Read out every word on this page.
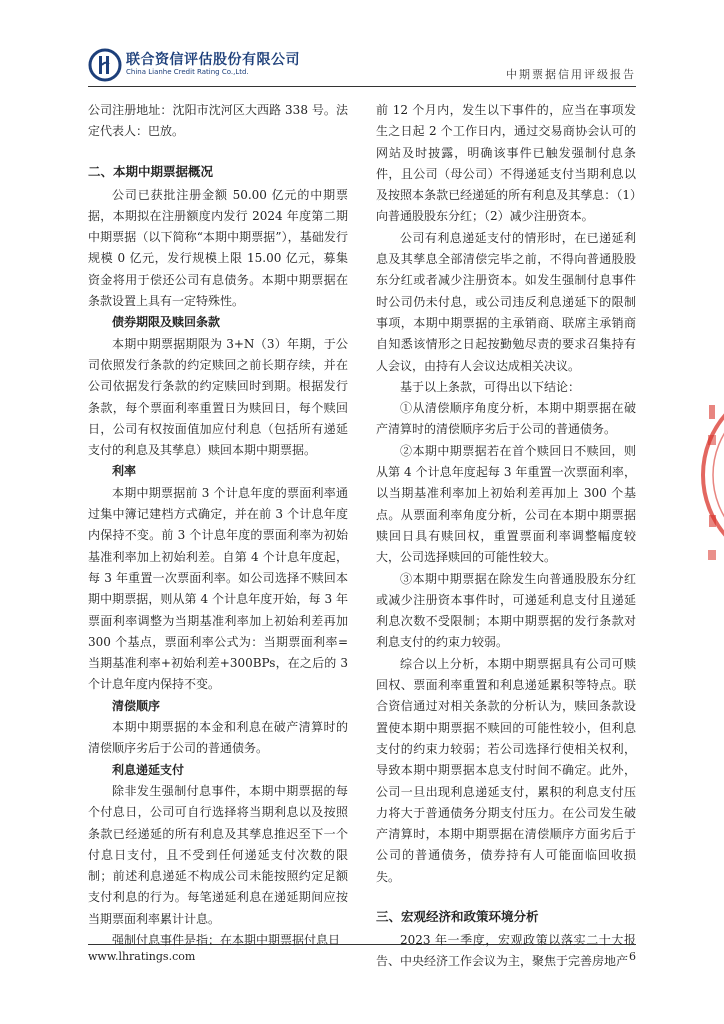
联合资信评估股份有限公司
China Lianhe Credit Rating Co.,Ltd.	中期票据信用评级报告

公司注册地址：沈阳市沈河区大西路 338 号。法定代表人：巴放。

二、本期中期票据概况

公司已获批注册金额 50.00 亿元的中期票据，本期拟在注册额度内发行 2024 年度第二期中期票据（以下简称“本期中期票据”），基础发行规模 0 亿元，发行规模上限 15.00 亿元，募集资金将用于偿还公司有息债务。本期中期票据在条款设置上具有一定特殊性。

债券期限及赎回条款

本期中期票据期限为 3+N（3）年期，于公司依照发行条款的约定赎回之前长期存续，并在公司依据发行条款的约定赎回时到期。根据发行条款，每个票面利率重置日为赎回日，每个赎回日，公司有权按面值加应付利息（包括所有递延支付的利息及其孳息）赎回本期中期票据。

利率

本期中期票据前 3 个计息年度的票面利率通过集中簿记建档方式确定，并在前 3 个计息年度内保持不变。前 3 个计息年度的票面利率为初始基准利率加上初始利差。自第 4 个计息年度起，每 3 年重置一次票面利率。如公司选择不赎回本期中期票据，则从第 4 个计息年度开始，每 3 年票面利率调整为当期基准利率加上初始利差再加 300 个基点，票面利率公式为：当期票面利率=当期基准利率+初始利差+300BPs，在之后的 3 个计息年度内保持不变。

清偿顺序

本期中期票据的本金和利息在破产清算时的清偿顺序劣后于公司的普通债务。

利息递延支付

除非发生强制付息事件，本期中期票据的每个付息日，公司可自行选择将当期利息以及按照条款已经递延的所有利息及其孳息推迟至下一个付息日支付，且不受到任何递延支付次数的限制；前述利息递延不构成公司未能按照约定足额支付利息的行为。每笔递延利息在递延期间应按当期票面利率累计计息。

强制付息事件是指：在本期中期票据付息日

前 12 个月内，发生以下事件的，应当在事项发生之日起 2 个工作日内，通过交易商协会认可的网站及时披露，明确该事件已触发强制付息条件，且公司（母公司）不得递延支付当期利息以及按照本条款已经递延的所有利息及其孳息：（1）向普通股股东分红；（2）减少注册资本。

公司有利息递延支付的情形时，在已递延利息及其孳息全部清偿完毕之前，不得向普通股股东分红或者减少注册资本。如发生强制付息事件时公司仍未付息，或公司违反利息递延下的限制事项，本期中期票据的主承销商、联席主承销商自知悉该情形之日起按勤勉尽责的要求召集持有人会议，由持有人会议达成相关决议。

基于以上条款，可得出以下结论：

①从清偿顺序角度分析，本期中期票据在破产清算时的清偿顺序劣后于公司的普通债务。

②本期中期票据若在首个赎回日不赎回，则从第 4 个计息年度起每 3 年重置一次票面利率，以当期基准利率加上初始利差再加上 300 个基点。从票面利率角度分析，公司在本期中期票据赎回日具有赎回权，重置票面利率调整幅度较大，公司选择赎回的可能性较大。

③本期中期票据在除发生向普通股股东分红或减少注册资本事件时，可递延利息支付且递延利息次数不受限制；本期中期票据的发行条款对利息支付的约束力较弱。

综合以上分析，本期中期票据具有公司可赎回权、票面利率重置和利息递延累积等特点。联合资信通过对相关条款的分析认为，赎回条款设置使本期中期票据不赎回的可能性较小，但利息支付的约束力较弱；若公司选择行使相关权利，导致本期中期票据本息支付时间不确定。此外，公司一旦出现利息递延支付，累积的利息支付压力将大于普通债务分期支付压力。在公司发生破产清算时，本期中期票据在清偿顺序方面劣后于公司的普通债务，债券持有人可能面临回收损失。

三、宏观经济和政策环境分析

2023 年一季度，宏观政策以落实二十大报告、中央经济工作会议为主，聚焦于完善房地产

www.lhratings.com	6
